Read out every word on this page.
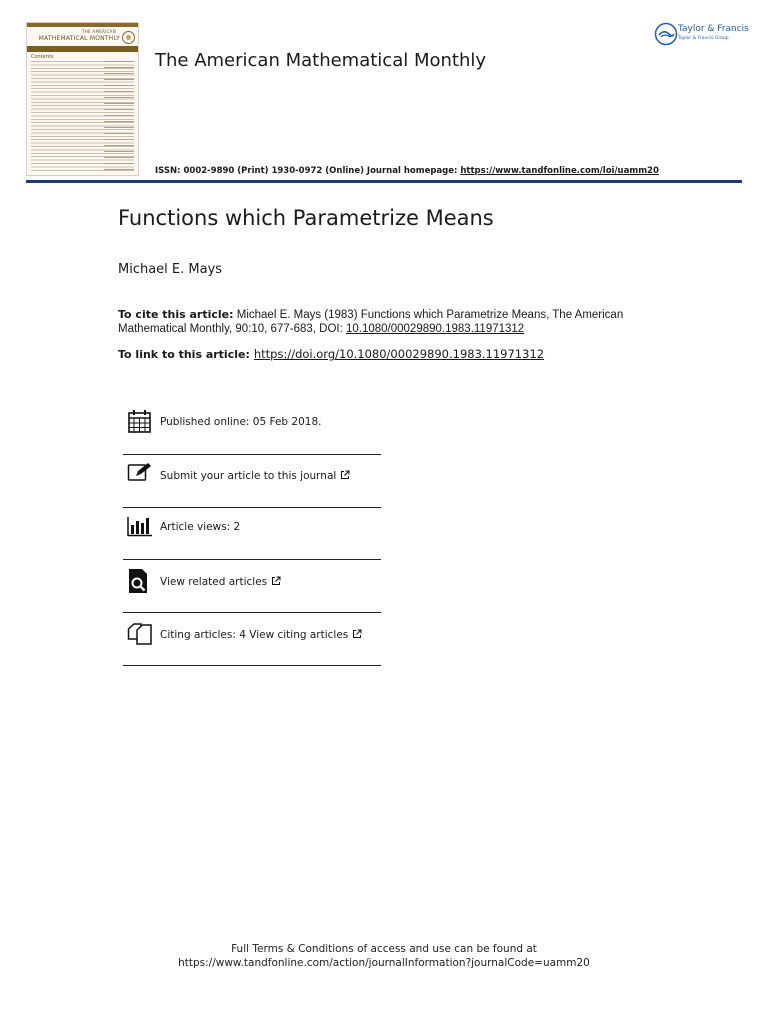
THE AMERICAN
MATHEMATICAL MONTHLY
Contents	The American Mathematical Monthly
Taylor & Francis
Taylor & Francis Group
ISSN: 0002-9890 (Print) 1930-0972 (Online) Journal homepage: https://www.tandfonline.com/loi/uamm20
Functions which Parametrize Means
Michael E. Mays
To cite this article: Michael E. Mays (1983) Functions which Parametrize Means, The American Mathematical Monthly, 90:10, 677-683, DOI: 10.1080/00029890.1983.11971312
To link to this article: https://doi.org/10.1080/00029890.1983.11971312
Published online: 05 Feb 2018.
Submit your article to this journal
Article views: 2
View related articles
Citing articles: 4 View citing articles
Full Terms & Conditions of access and use can be found at
https://www.tandfonline.com/action/journalInformation?journalCode=uamm20
